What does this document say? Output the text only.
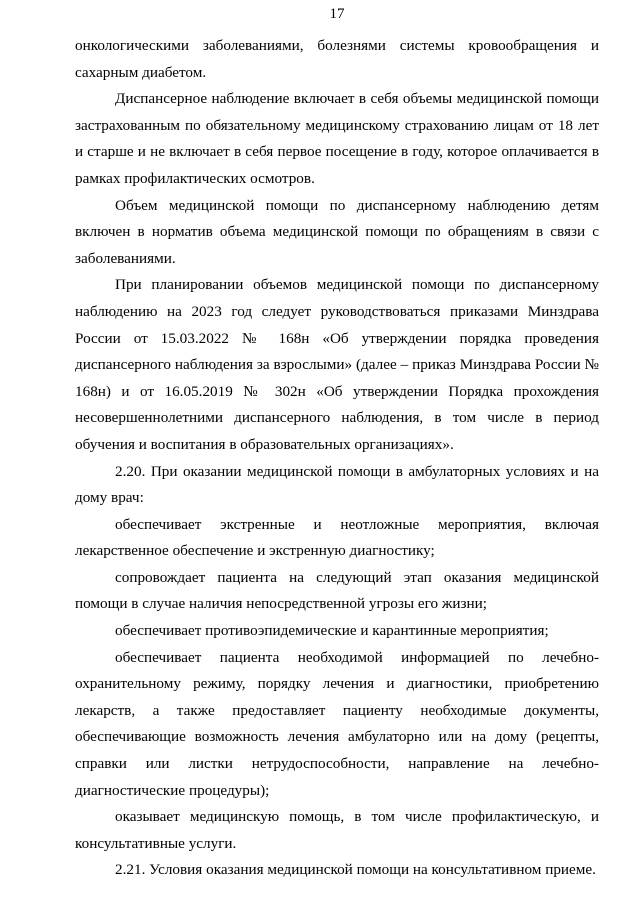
17

онкологическими заболеваниями, болезнями системы кровообращения и сахарным диабетом.

Диспансерное наблюдение включает в себя объемы медицинской помощи застрахованным по обязательному медицинскому страхованию лицам от 18 лет и старше и не включает в себя первое посещение в году, которое оплачивается в рамках профилактических осмотров.

Объем медицинской помощи по диспансерному наблюдению детям включен в норматив объема медицинской помощи по обращениям в связи с заболеваниями.

При планировании объемов медицинской помощи по диспансерному наблюдению на 2023 год следует руководствоваться приказами Минздрава России от 15.03.2022 № 168н «Об утверждении порядка проведения диспансерного наблюдения за взрослыми» (далее – приказ Минздрава России № 168н) и от 16.05.2019 № 302н «Об утверждении Порядка прохождения несовершеннолетними диспансерного наблюдения, в том числе в период обучения и воспитания в образовательных организациях».

2.20. При оказании медицинской помощи в амбулаторных условиях и на дому врач:

обеспечивает экстренные и неотложные мероприятия, включая лекарственное обеспечение и экстренную диагностику;

сопровождает пациента на следующий этап оказания медицинской помощи в случае наличия непосредственной угрозы его жизни;

обеспечивает противоэпидемические и карантинные мероприятия;

обеспечивает пациента необходимой информацией по лечебно-охранительному режиму, порядку лечения и диагностики, приобретению лекарств, а также предоставляет пациенту необходимые документы, обеспечивающие возможность лечения амбулаторно или на дому (рецепты, справки или листки нетрудоспособности, направление на лечебно-диагностические процедуры);

оказывает медицинскую помощь, в том числе профилактическую, и консультативные услуги.

2.21. Условия оказания медицинской помощи на консультативном приеме.
